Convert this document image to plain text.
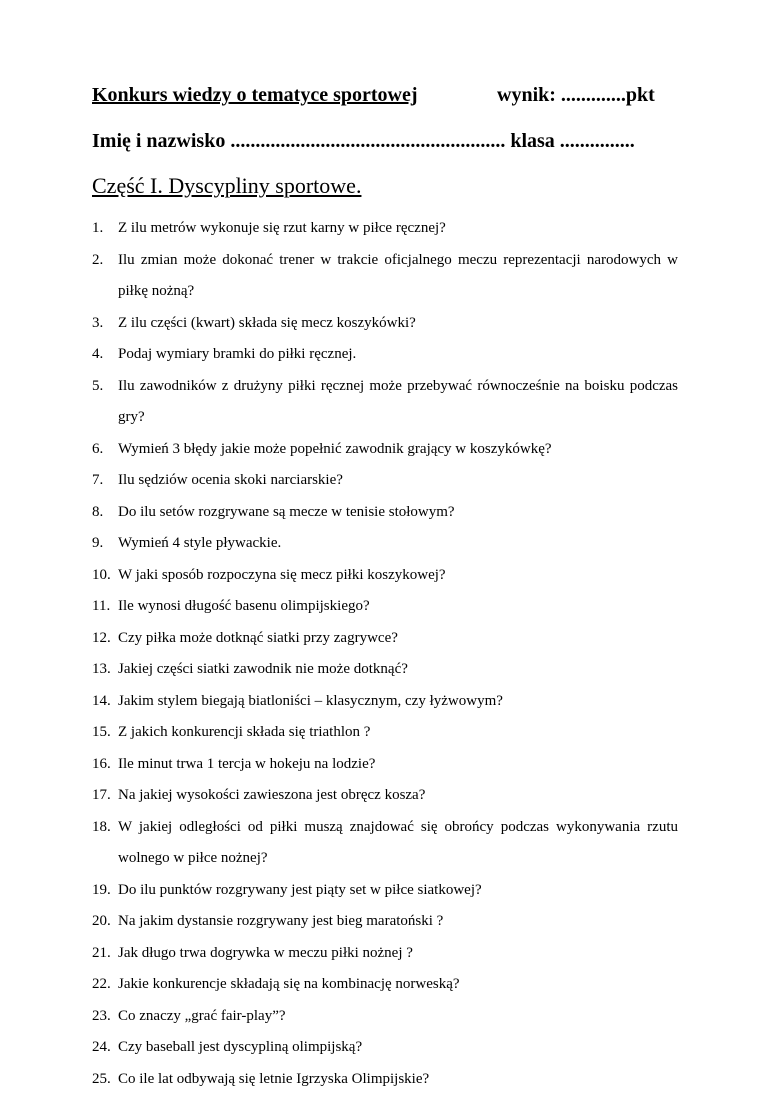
Konkurs wiedzy o tematyce sportowej	wynik: .............pkt
Imię i nazwisko ....................................................... klasa ...............
Część I. Dyscypliny sportowe.
1. Z ilu metrów wykonuje się rzut karny w piłce ręcznej?
2. Ilu zmian może dokonać trener w trakcie oficjalnego meczu reprezentacji narodowych w piłkę nożną?
3. Z ilu części (kwart) składa się mecz koszykówki?
4. Podaj wymiary bramki do piłki ręcznej.
5. Ilu zawodników z drużyny piłki ręcznej może przebywać równocześnie na boisku podczas gry?
6. Wymień 3 błędy jakie może popełnić zawodnik grający w koszykówkę?
7. Ilu sędziów ocenia skoki narciarskie?
8. Do ilu setów rozgrywane są mecze w tenisie stołowym?
9. Wymień 4 style pływackie.
10. W jaki sposób rozpoczyna się mecz piłki koszykowej?
11. Ile wynosi długość basenu olimpijskiego?
12. Czy piłka może dotknąć siatki przy zagrywce?
13. Jakiej części siatki zawodnik nie może dotknąć?
14. Jakim stylem biegają biatloniści – klasycznym, czy łyżwowym?
15. Z jakich konkurencji składa się triathlon ?
16. Ile minut trwa 1 tercja w hokeju na lodzie?
17. Na jakiej wysokości zawieszona jest obręcz kosza?
18. W jakiej odległości od piłki muszą znajdować się obrońcy podczas wykonywania rzutu wolnego w piłce nożnej?
19. Do ilu punktów rozgrywany jest piąty set w piłce siatkowej?
20. Na jakim dystansie rozgrywany jest bieg maratoński ?
21. Jak długo trwa dogrywka w meczu piłki nożnej ?
22. Jakie konkurencje składają się na kombinację norweską?
23. Co znaczy „grać fair-play”?
24. Czy baseball jest dyscypliną olimpijską?
25. Co ile lat odbywają się letnie Igrzyska Olimpijskie?
